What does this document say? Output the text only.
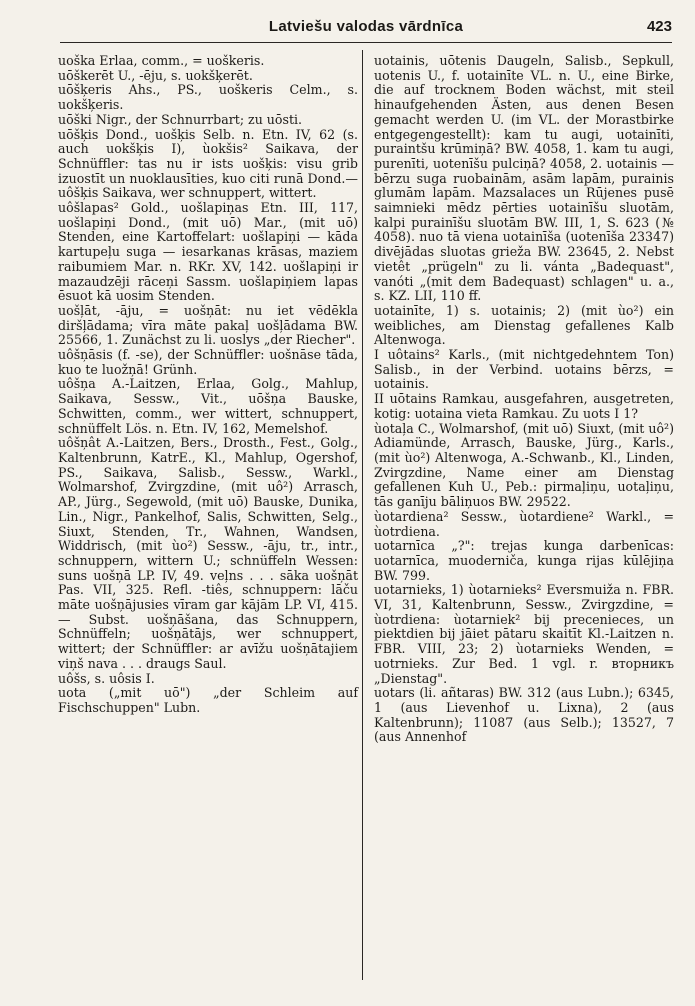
Latviešu valodas vārdnīca	423

uoška Erlaa, comm., = uoškeris.

uōškerēt U., -ēju, s. uokšķerēt.

uōšķeris Ahs., PS., uoškeris Celm., s. uokšķeris.

uōški Nigr., der Schnurrbart; zu uōsti.

uōšķis Dond., uošķis Selb. n. Etn. IV, 62 (s. auch uokšķis I), ùokšis² Saikava, der Schnüffler: tas nu ir ists uošķis: visu grib izuostīt un nuoklausīties, kuo citi runā Dond.—uôšķis Saikava, wer schnuppert, wittert.

uôšlapas² Gold., uošlapiņas Etn. III, 117, uošlapiņi Dond., (mit uō) Mar., (mit uō) Stenden, eine Kartoffelart: uošlapiņi — kāda kartupeļu suga — iesarkanas krāsas, maziem raibumiem Mar. n. RKr. XV, 142. uošlapiņi ir mazaudzēji rāceņi Sassm. uošlapiņiem lapas ēsuot kā uosim Stenden.

uošļāt, -āju, = uošņāt: nu iet vēdēkla diršļādama; vīra māte pakaļ uošļādama BW. 25566, 1. Zunächst zu li. uoslys „der Riecher".

uôšņāsis (f. -se), der Schnüffler: uošnāse tāda, kuo te luožņā! Grünh.

uôšņa A.-Laitzen, Erlaa, Golg., Mahlup, Saikava, Sessw., Vit., uōšņa Bauske, Schwitten, comm., wer wittert, schnuppert, schnüffelt Lös. n. Etn. IV, 162, Memelshof.

uôšņât A.-Laitzen, Bers., Drosth., Fest., Golg., Kaltenbrunn, KatrE., Kl., Mahlup, Ogershof, PS., Saikava, Salisb., Sessw., Warkl., Wolmarshof, Zvirgzdine, (mit uô²) Arrasch, AP., Jürg., Segewold, (mit uō) Bauske, Dunika, Lin., Nigr., Pankelhof, Salis, Schwitten, Selg., Siuxt, Stenden, Tr., Wahnen, Wandsen, Widdrisch, (mit ùo²) Sessw., -āju, tr., intr., schnuppern, wittern U.; schnüffeln Wessen: suns uošņā LP. IV, 49. veļns . . . sāka uošņāt Pas. VII, 325. Refl. -tiês, schnuppern: lāču māte uošņājusies vīram gar kājām LP. VI, 415.— Subst. uošņāšana, das Schnuppern, Schnüffeln; uošņātājs, wer schnuppert, wittert; der Schnüffler: ar avīžu uošņātajiem viņš nava . . . draugs Saul.

uôšs, s. uôsis I.

uota („mit uō") „der Schleim auf Fischschuppen" Lubn.

uotainis, uōtenis Daugeln, Salisb., Sepkull, uotenis U., f. uotainīte VL. n. U., eine Birke, die auf trocknem Boden wächst, mit steil hinaufgehenden Ästen, aus denen Besen gemacht werden U. (im VL. der Morastbirke entgegengestellt): kam tu augi, uotainīti, puraintšu krūmiņā? BW. 4058, 1. kam tu augi, purenīti, uotenīšu pulciņā? 4058, 2. uotainis — bērzu suga ruobainām, asām lapām, purainis glumām lapām. Mazsalaces un Rūjenes pusē saimnieki mēdz pērties uotainīšu sluotām, kalpi purainīšu sluotām BW. III, 1, S. 623 (№ 4058). nuo tā viena uotainīša (uotenīša 23347) divējādas sluotas grieža BW. 23645, 2. Nebst vietêt „prügeln" zu li. vánta „Badequast", vanóti „(mit dem Badequast) schlagen" u. a., s. KZ. LII, 110 ff.

uotainīte, 1) s. uotainis; 2) (mit ùo²) ein weibliches, am Dienstag gefallenes Kalb Altenwoga.

I uôtains² Karls., (mit nichtgedehntem Ton) Salisb., in der Verbind. uotains bērzs, = uotainis.

II uōtains Ramkau, ausgefahren, ausgetreten, kotig: uotaina vieta Ramkau. Zu uots I 1?

ùotaļa C., Wolmarshof, (mit uō) Siuxt, (mit uô²) Adiamünde, Arrasch, Bauske, Jürg., Karls., (mit ùo²) Altenwoga, A.-Schwanb., Kl., Linden, Zvirgzdine, Name einer am Dienstag gefallenen Kuh U., Peb.: pirmaļiņu, uotaļiņu, tās ganīju bāliņuos BW. 29522.

ùotardiena² Sessw., ùotardiene² Warkl., = ùotrdiena.

uotarnīca „?": trejas kunga darbenīcas: uotarnīca, muoderniča, kunga rijas kūlējiņa BW. 799.

uotarnieks, 1) ùotarnieks² Eversmuiža n. FBR. VI, 31, Kaltenbrunn, Sessw., Zvirgzdine, = ùotrdiena: ùotarniek² bij precenieces, un piektdien bij jāiet pātaru skaitīt Kl.-Laitzen n. FBR. VIII, 23; 2) ùotarnieks Wenden, = uotrnieks. Zur Bed. 1 vgl. r. вторникъ „Dienstag".

uotars (li. añtaras) BW. 312 (aus Lubn.); 6345, 1 (aus Lievenhof u. Lixna), 2 (aus Kaltenbrunn); 11087 (aus Selb.); 13527, 7 (aus Annenhof
